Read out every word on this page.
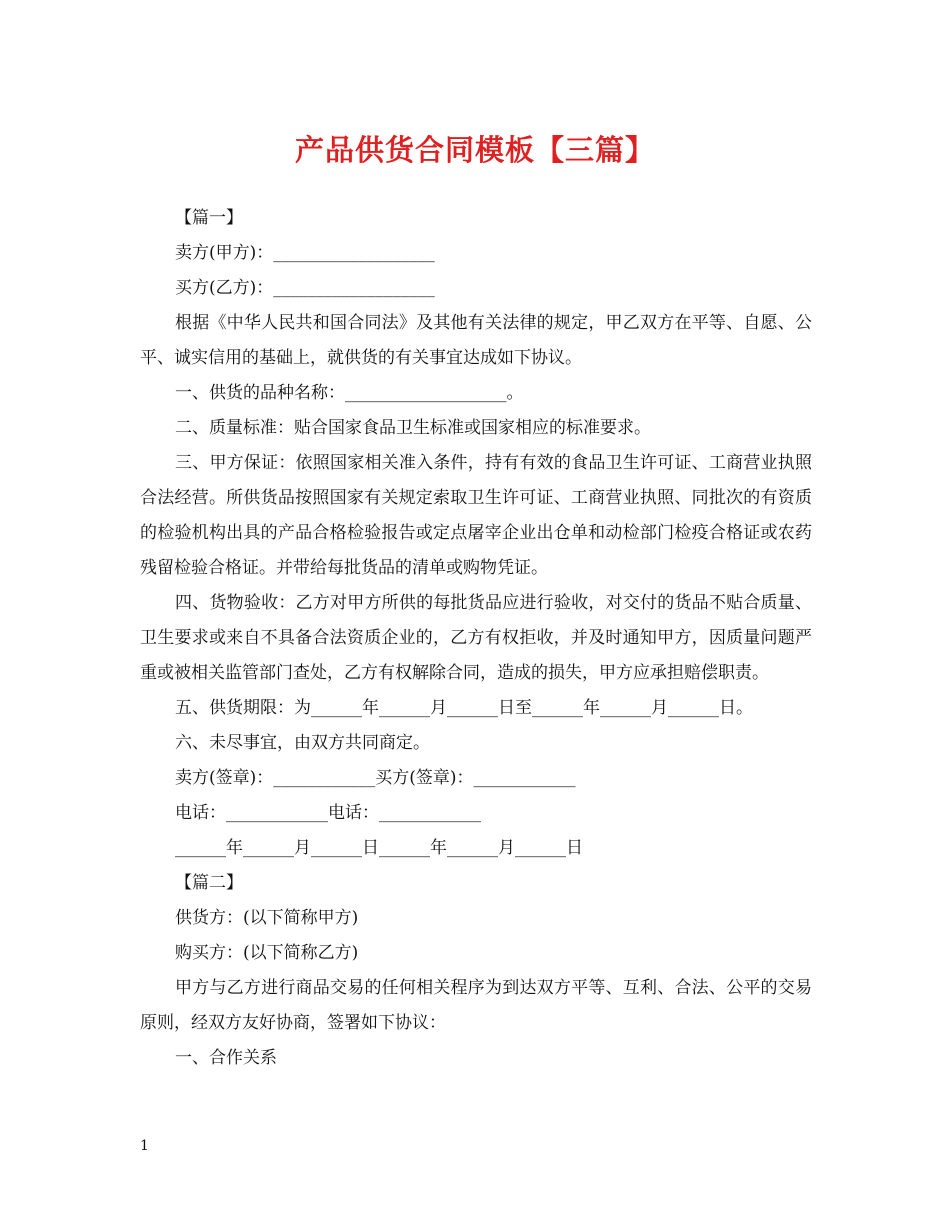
产品供货合同模板【三篇】

【篇一】

卖方(甲方)：___________________

买方(乙方)：___________________

根据《中华人民共和国合同法》及其他有关法律的规定，甲乙双方在平等、自愿、公平、诚实信用的基础上，就供货的有关事宜达成如下协议。

一、供货的品种名称：___________________。

二、质量标准：贴合国家食品卫生标准或国家相应的标准要求。

三、甲方保证：依照国家相关准入条件，持有有效的食品卫生许可证、工商营业执照合法经营。所供货品按照国家有关规定索取卫生许可证、工商营业执照、同批次的有资质的检验机构出具的产品合格检验报告或定点屠宰企业出仓单和动检部门检疫合格证或农药残留检验合格证。并带给每批货品的清单或购物凭证。

四、货物验收：乙方对甲方所供的每批货品应进行验收，对交付的货品不贴合质量、卫生要求或来自不具备合法资质企业的，乙方有权拒收，并及时通知甲方，因质量问题严重或被相关监管部门查处，乙方有权解除合同，造成的损失，甲方应承担赔偿职责。

五、供货期限：为______年______月______日至______年______月______日。

六、未尽事宜，由双方共同商定。

卖方(签章)：____________买方(签章)：____________

电话：____________电话：____________

______年______月______日______年______月______日

【篇二】

供货方：(以下简称甲方)

购买方：(以下简称乙方)

甲方与乙方进行商品交易的任何相关程序为到达双方平等、互利、合法、公平的交易原则，经双方友好协商，签署如下协议：

一、合作关系

1
